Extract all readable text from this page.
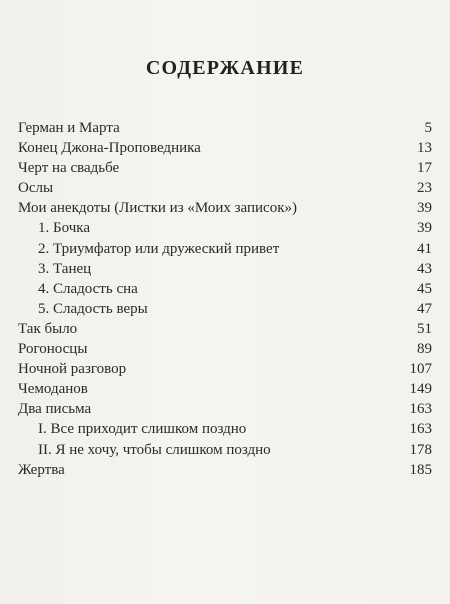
СОДЕРЖАНИЕ
Герман и Марта . . .	5
Конец Джона-Проповедника . . .	13
Черт на свадьбе . . .	17
Ослы . . .	23
Мои анекдоты (Листки из «Моих записок») . . .	39
1. Бочка . . .	39
2. Триумфатор или дружеский привет . . .	41
3. Танец . . .	43
4. Сладость сна . . .	45
5. Сладость веры . . .	47
Так было . . .	51
Рогоносцы . . .	89
Ночной разговор . . .	107
Чемоданов . . .	149
Два письма . . .	163
I. Все приходит слишком поздно . . .	163
II. Я не хочу, чтобы слишком поздно . . .	178
Жертва . . .	185
